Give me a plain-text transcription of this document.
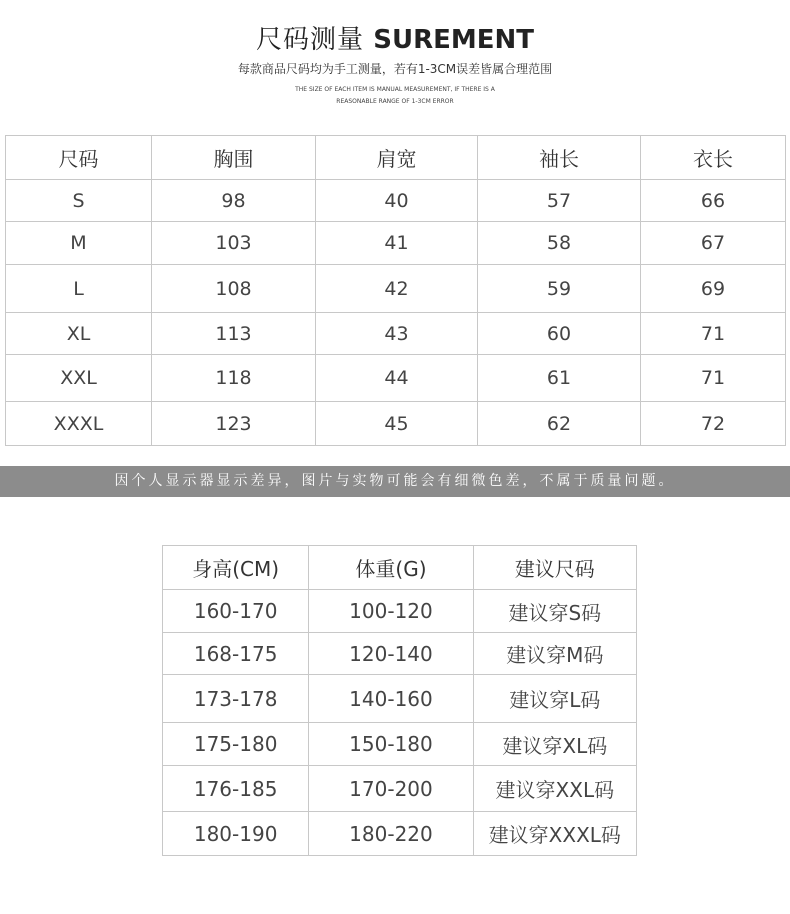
尺码测量 SUREMENT
每款商品尺码均为手工测量，若有1-3CM误差皆属合理范围
THE SIZE OF EACH ITEM IS MANUAL MEASUREMENT, IF THERE IS A
REASONABLE RANGE OF 1-3CM ERROR
尺码	胸围	肩宽	袖长	衣长
S	98	40	57	66
M	103	41	58	67
L	108	42	59	69
XL	113	43	60	71
XXL	118	44	61	71
XXXL	123	45	62	72
因个人显示器显示差异，图片与实物可能会有细微色差，不属于质量问题。
身高(CM)	体重(G)	建议尺码
160-170	100-120	建议穿S码
168-175	120-140	建议穿M码
173-178	140-160	建议穿L码
175-180	150-180	建议穿XL码
176-185	170-200	建议穿XXL码
180-190	180-220	建议穿XXXL码
